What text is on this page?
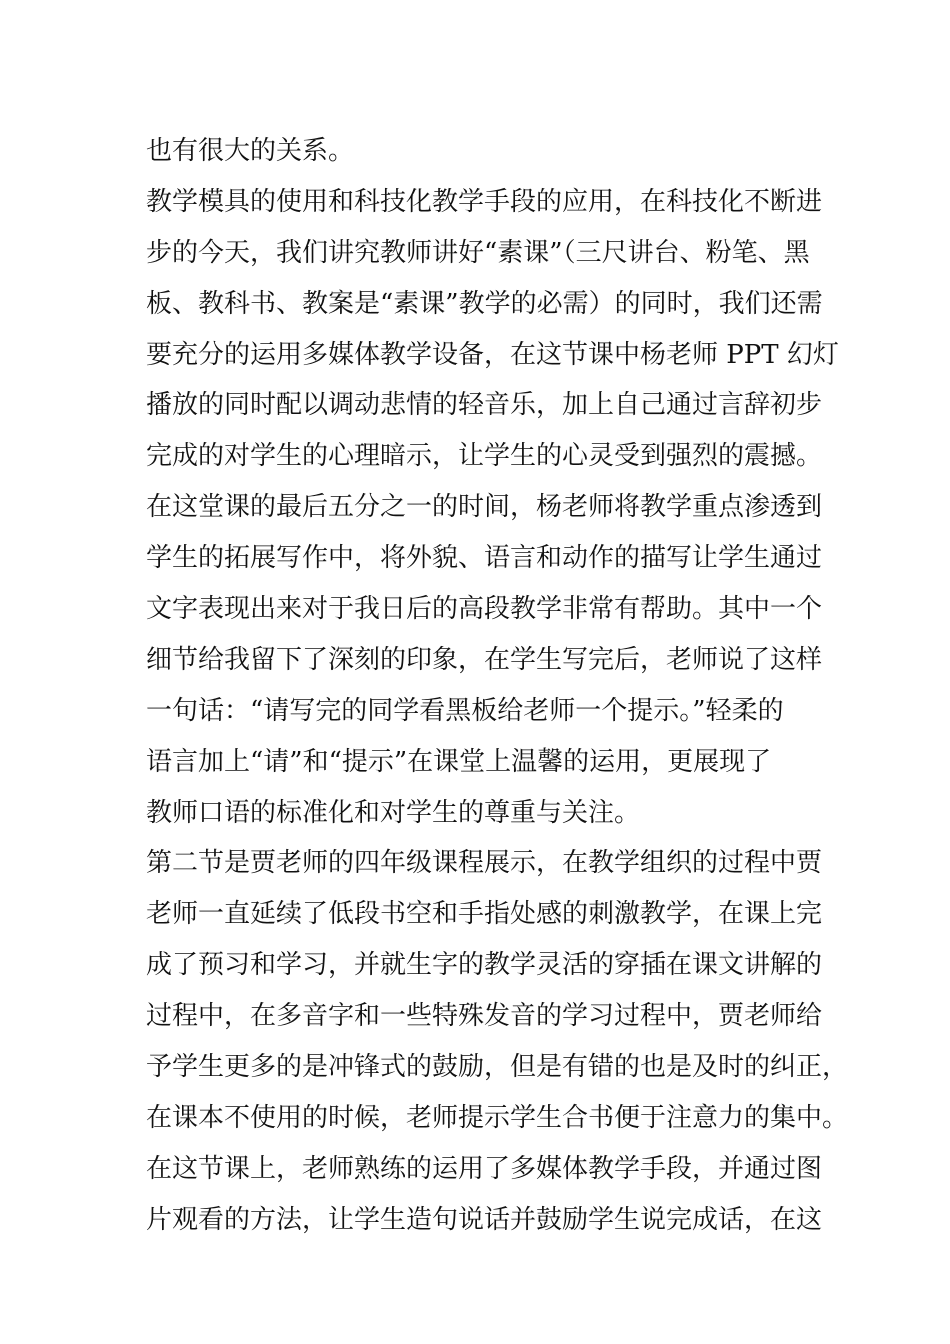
也有很大的关系。
教学模具的使用和科技化教学手段的应用，在科技化不断进
步的今天，我们讲究教师讲好“素课”（三尺讲台、粉笔、黑
板、教科书、教案是“素课”教学的必需）的同时，我们还需
要充分的运用多媒体教学设备，在这节课中杨老师 PPT 幻灯
播放的同时配以调动悲情的轻音乐，加上自己通过言辞初步
完成的对学生的心理暗示，让学生的心灵受到强烈的震撼。
在这堂课的最后五分之一的时间，杨老师将教学重点渗透到
学生的拓展写作中，将外貌、语言和动作的描写让学生通过
文字表现出来对于我日后的高段教学非常有帮助。其中一个
细节给我留下了深刻的印象，在学生写完后，老师说了这样
一句话：“请写完的同学看黑板给老师一个提示。”轻柔的
语言加上“请”和“提示”在课堂上温馨的运用，更展现了
教师口语的标准化和对学生的尊重与关注。
第二节是贾老师的四年级课程展示，在教学组织的过程中贾
老师一直延续了低段书空和手指处感的刺激教学，在课上完
成了预习和学习，并就生字的教学灵活的穿插在课文讲解的
过程中，在多音字和一些特殊发音的学习过程中，贾老师给
予学生更多的是冲锋式的鼓励，但是有错的也是及时的纠正，
在课本不使用的时候，老师提示学生合书便于注意力的集中。
在这节课上，老师熟练的运用了多媒体教学手段，并通过图
片观看的方法，让学生造句说话并鼓励学生说完成话，在这
